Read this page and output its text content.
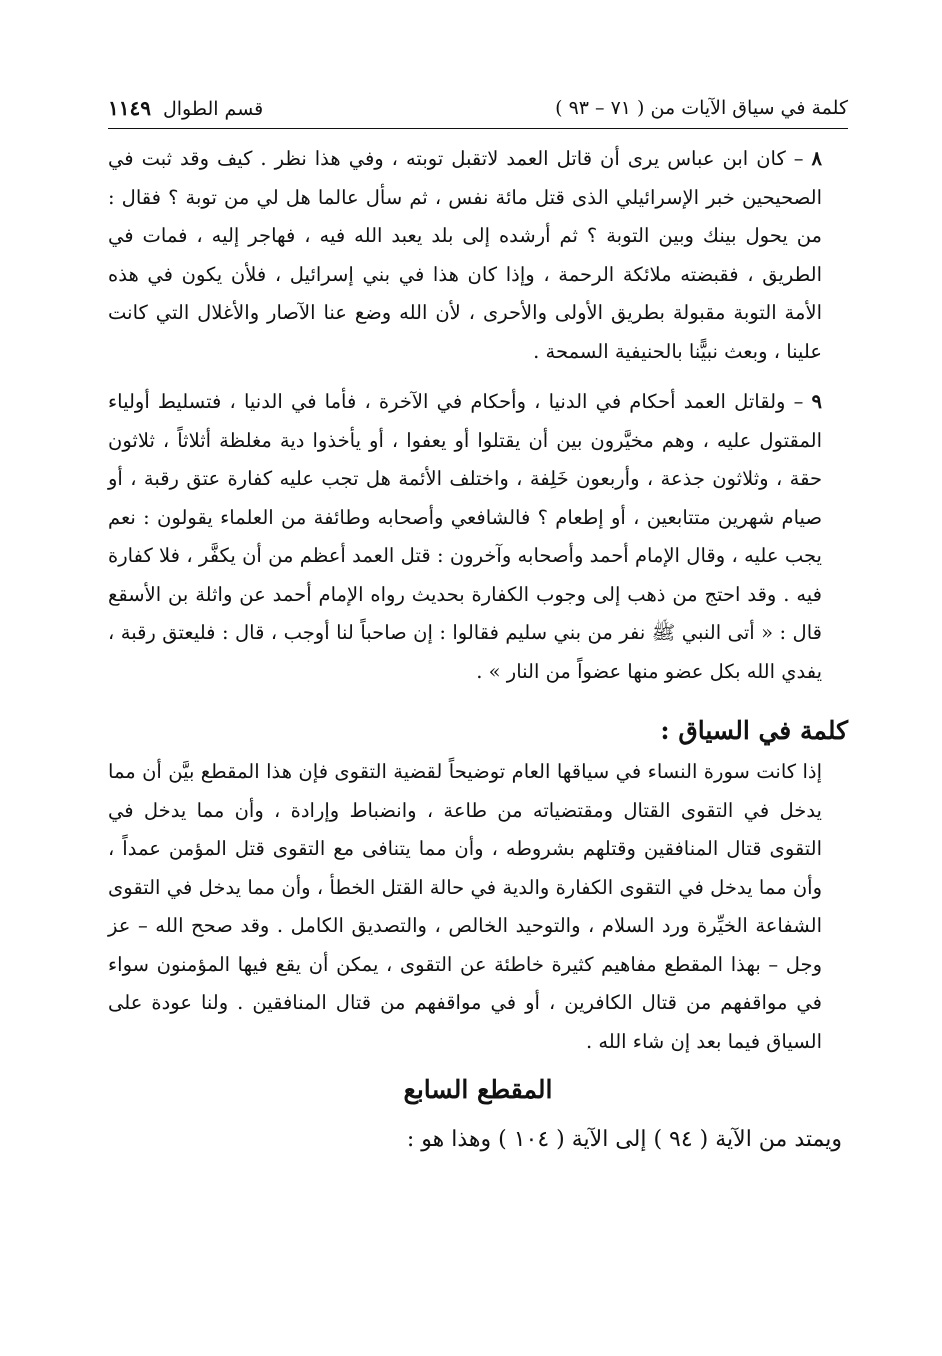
كلمة في سياق الآيات من ( ٧١ – ٩٣ )
قسم الطوال
١١٤٩

٨ – كان ابن عباس يرى أن قاتل العمد لاتقبل توبته ، وفي هذا نظر . كيف وقد ثبت في الصحيحين خبر الإسرائيلي الذى قتل مائة نفس ، ثم سأل عالما هل لي من توبة ؟ فقال : من يحول بينك وبين التوبة ؟ ثم أرشده إلى بلد يعبد الله فيه ، فهاجر إليه ، فمات في الطريق ، فقبضته ملائكة الرحمة ، وإذا كان هذا في بني إسرائيل ، فلأن يكون في هذه الأمة التوبة مقبولة بطريق الأولى والأحرى ، لأن الله وضع عنا الآصار والأغلال التي كانت علينا ، وبعث نبيًّنا بالحنيفية السمحة .

٩ – ولقاتل العمد أحكام في الدنيا ، وأحكام في الآخرة ، فأما في الدنيا ، فتسليط أولياء المقتول عليه ، وهم مخيَّرون بين أن يقتلوا أو يعفوا ، أو يأخذوا دية مغلظة أثلاثاً ، ثلاثون حقة ، وثلاثون جذعة ، وأربعون خَلِفة ، واختلف الأئمة هل تجب عليه كفارة عتق رقبة ، أو صيام شهرين متتابعين ، أو إطعام ؟ فالشافعي وأصحابه وطائفة من العلماء يقولون : نعم يجب عليه ، وقال الإمام أحمد وأصحابه وآخرون : قتل العمد أعظم من أن يكفَّر ، فلا كفارة فيه . وقد احتج من ذهب إلى وجوب الكفارة بحديث رواه الإمام أحمد عن واثلة بن الأسقع قال : « أتى النبي ﷺ نفر من بني سليم فقالوا : إن صاحباً لنا أوجب ، قال : فليعتق رقبة ، يفدي الله بكل عضو منها عضواً من النار » .

كلمة في السياق :

إذا كانت سورة النساء في سياقها العام توضيحاً لقضية التقوى فإن هذا المقطع بيَّن أن مما يدخل في التقوى القتال ومقتضياته من طاعة ، وانضباط وإرادة ، وأن مما يدخل في التقوى قتال المنافقين وقتلهم بشروطه ، وأن مما يتنافى مع التقوى قتل المؤمن عمداً ، وأن مما يدخل في التقوى الكفارة والدية في حالة القتل الخطأ ، وأن مما يدخل في التقوى الشفاعة الخيِّرة ورد السلام ، والتوحيد الخالص ، والتصديق الكامل . وقد صحح الله – عز وجل – بهذا المقطع مفاهيم كثيرة خاطئة عن التقوى ، يمكن أن يقع فيها المؤمنون سواء في مواقفهم من قتال الكافرين ، أو في مواقفهم من قتال المنافقين . ولنا عودة على السياق فيما بعد إن شاء الله .

المقطع السابع
ويمتد من الآية ( ٩٤ ) إلى الآية ( ١٠٤ ) وهذا هو :
